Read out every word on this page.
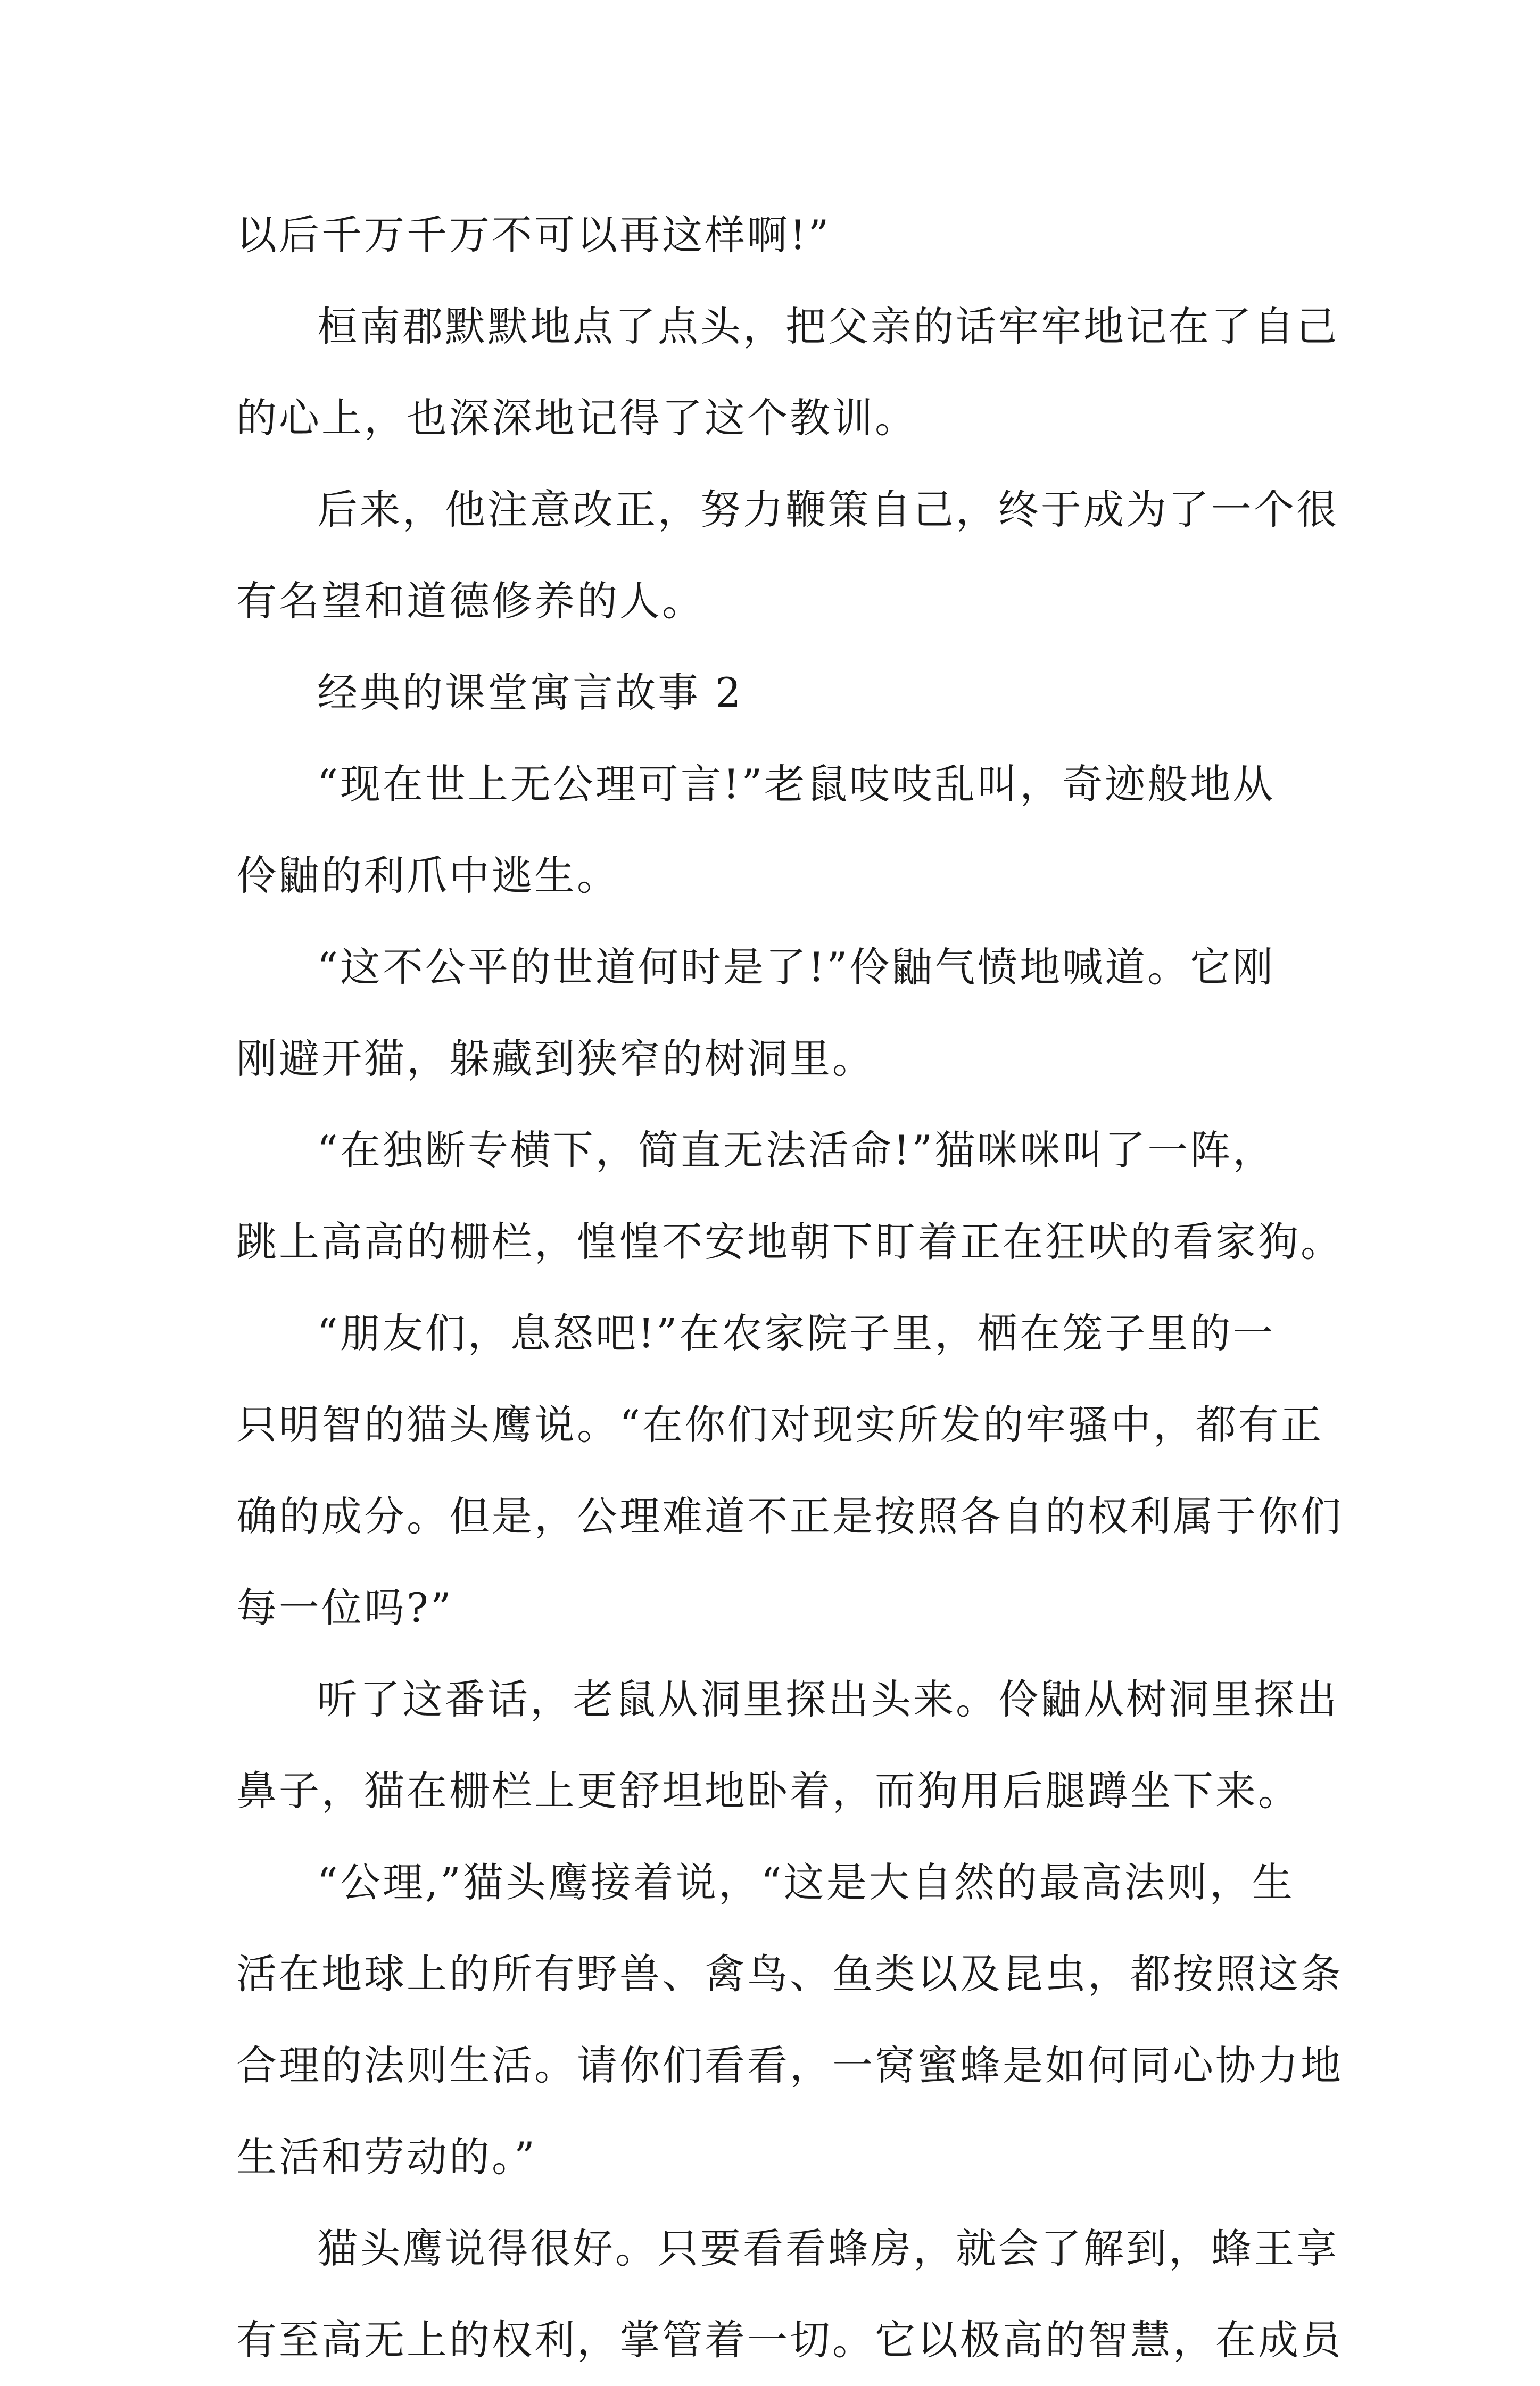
以后千万千万不可以再这样啊!”
桓南郡默默地点了点头，把父亲的话牢牢地记在了自己
的心上，也深深地记得了这个教训。
后来，他注意改正，努力鞭策自己，终于成为了一个很
有名望和道德修养的人。
经典的课堂寓言故事 2
“现在世上无公理可言!”老鼠吱吱乱叫，奇迹般地从
伶鼬的利爪中逃生。
“这不公平的世道何时是了!”伶鼬气愤地喊道。它刚
刚避开猫，躲藏到狭窄的树洞里。
“在独断专横下，简直无法活命!”猫咪咪叫了一阵，
跳上高高的栅栏，惶惶不安地朝下盯着正在狂吠的看家狗。
“朋友们，息怒吧!”在农家院子里，栖在笼子里的一
只明智的猫头鹰说。“在你们对现实所发的牢骚中，都有正
确的成分。但是，公理难道不正是按照各自的权利属于你们
每一位吗?”
听了这番话，老鼠从洞里探出头来。伶鼬从树洞里探出
鼻子，猫在栅栏上更舒坦地卧着，而狗用后腿蹲坐下来。
“公理,”猫头鹰接着说，“这是大自然的最高法则，生
活在地球上的所有野兽、禽鸟、鱼类以及昆虫，都按照这条
合理的法则生活。请你们看看，一窝蜜蜂是如何同心协力地
生活和劳动的。”
猫头鹰说得很好。只要看看蜂房，就会了解到，蜂王享
有至高无上的权利，掌管着一切。它以极高的智慧，在成员
